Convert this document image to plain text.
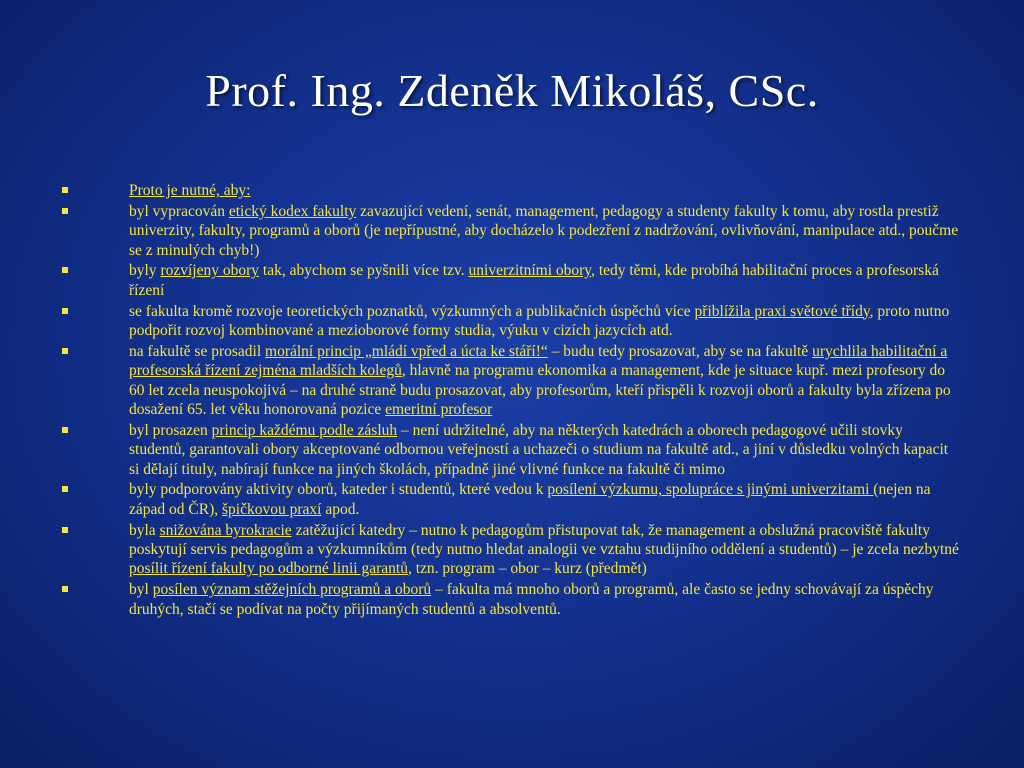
Prof. Ing. Zdeněk Mikoláš, CSc.
Proto je nutné, aby:
byl vypracován etický kodex fakulty zavazující vedení, senát, management, pedagogy a studenty fakulty k tomu, aby rostla prestiž univerzity, fakulty, programů a oborů (je nepřípustné, aby docházelo k podezření z nadržování, ovlivňování, manipulace atd., poučme se z minulých chyb!)
byly rozvíjeny obory tak, abychom se pyšnili více tzv. univerzitními obory, tedy těmi, kde probíhá habilitační proces a profesorská řízení
se fakulta kromě rozvoje teoretických poznatků, výzkumných a publikačních úspěchů více přiblížila praxi světové třídy, proto nutno podpořit rozvoj kombinované a mezioborové formy studia, výuku v cizích jazycích atd.
na fakultě se prosadil morální princip „mládí vpřed a úcta ke stáří!“ – budu tedy prosazovat, aby se na fakultě urychlila habilitační a profesorská řízení zejména mladších kolegů, hlavně na programu ekonomika a management, kde je situace kupř. mezi profesory do 60 let zcela neuspokojivá – na druhé straně budu prosazovat, aby profesorům, kteří přispěli k rozvoji oborů a fakulty byla zřízena po dosažení 65. let věku honorovaná pozice emeritní profesor
byl prosazen princip každému podle zásluh – není udržitelné, aby na některých katedrách a oborech pedagogové učili stovky studentů, garantovali obory akceptované odbornou veřejností a uchazeči o studium na fakultě atd., a jiní v důsledku volných kapacit si dělají tituly, nabírají funkce na jiných školách, případně jiné vlivné funkce na fakultě či mimo
byly podporovány aktivity oborů, kateder i studentů, které vedou k posílení výzkumu, spolupráce s jinými univerzitami (nejen na západ od ČR), špičkovou praxí apod.
byla snižována byrokracie zatěžující katedry – nutno k pedagogům přistupovat tak, že management a obslužná pracoviště fakulty poskytují servis pedagogům a výzkumníkům (tedy nutno hledat analogii ve vztahu studijního oddělení a studentů) – je zcela nezbytné posílit řízení fakulty po odborné linii garantů, tzn. program – obor – kurz (předmět)
byl posílen význam stěžejních programů a oborů – fakulta má mnoho oborů a programů, ale často se jedny schovávají za úspěchy druhých, stačí se podívat na počty přijímaných studentů a absolventů.
